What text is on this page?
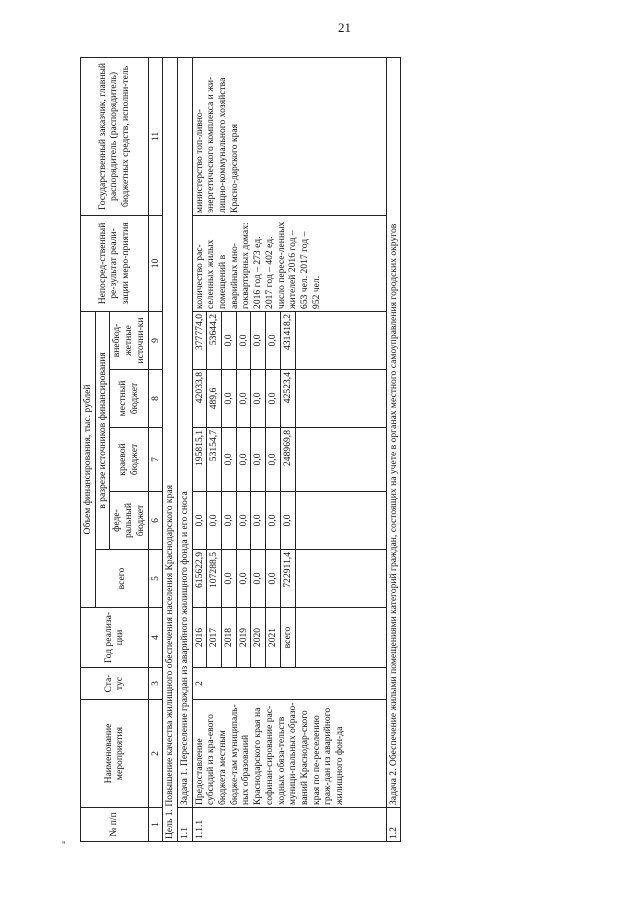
21
"
№ п/п	Наименование мероприятия	Ста-тус	Год реализа-ции	Объем финансирования, тыс. рублей					Непосред-ственный ре-зультат реали-зации меро-приятия	Государственный заказчик, главный распорядитель (распорядитель) бюджетных средств, исполни-тель
				всего	в разрезе источников финансирования					
					феде-ральный бюджет	краевой бюджет	местный бюджет	внебюд-жетные источни-ки		
1	2	3	4	5	6	7	8	9	10	11
Цель 1. Повышение качества жилищного обеспечения населения Краснодарского края										
1.1	Задача 1. Переселение граждан из аварийного жилищного фонда и его сноса									
1.1.1	Предоставление субсидий из кра-евого бюджета местным бюдже-там муниципаль-ных образований Краснодарского края на софинан-сирование рас-ходных обяза-тельств муници-пальных образо-ваний Краснодар-ского края по пе-реселению граж-дан из аварийного жилищного фон-да	2	2016	615622,9	0,0	195815,1	42033,8	377774,0	количество рас-селенных жилых помещений в аварийных мно-гоквартирных домах: 2016 год – 273 ед. 2017 год – 402 ед. число пересе-ленных жителей 2016 год – 653 чел. 2017 год – 952 чел.	министерство топ-ливно-энергетического комплекса и жи-лищно-коммунального хозяйства Красно-дарского края
			2017	107288,5	0,0	53154,7	489,6	53644,2		
			2018	0,0	0,0	0,0	0,0	0,0		
			2019	0,0	0,0	0,0	0,0	0,0		
			2020	0,0	0,0	0,0	0,0	0,0		
			2021	0,0	0,0	0,0	0,0	0,0		
			всего	722911,4	0,0	248969,8	42523,4	431418,2		

1.2	Задача 2. Обеспечение жилыми помещениями категорий граждан, состоящих на учете в органах местного самоуправления городских округов									
